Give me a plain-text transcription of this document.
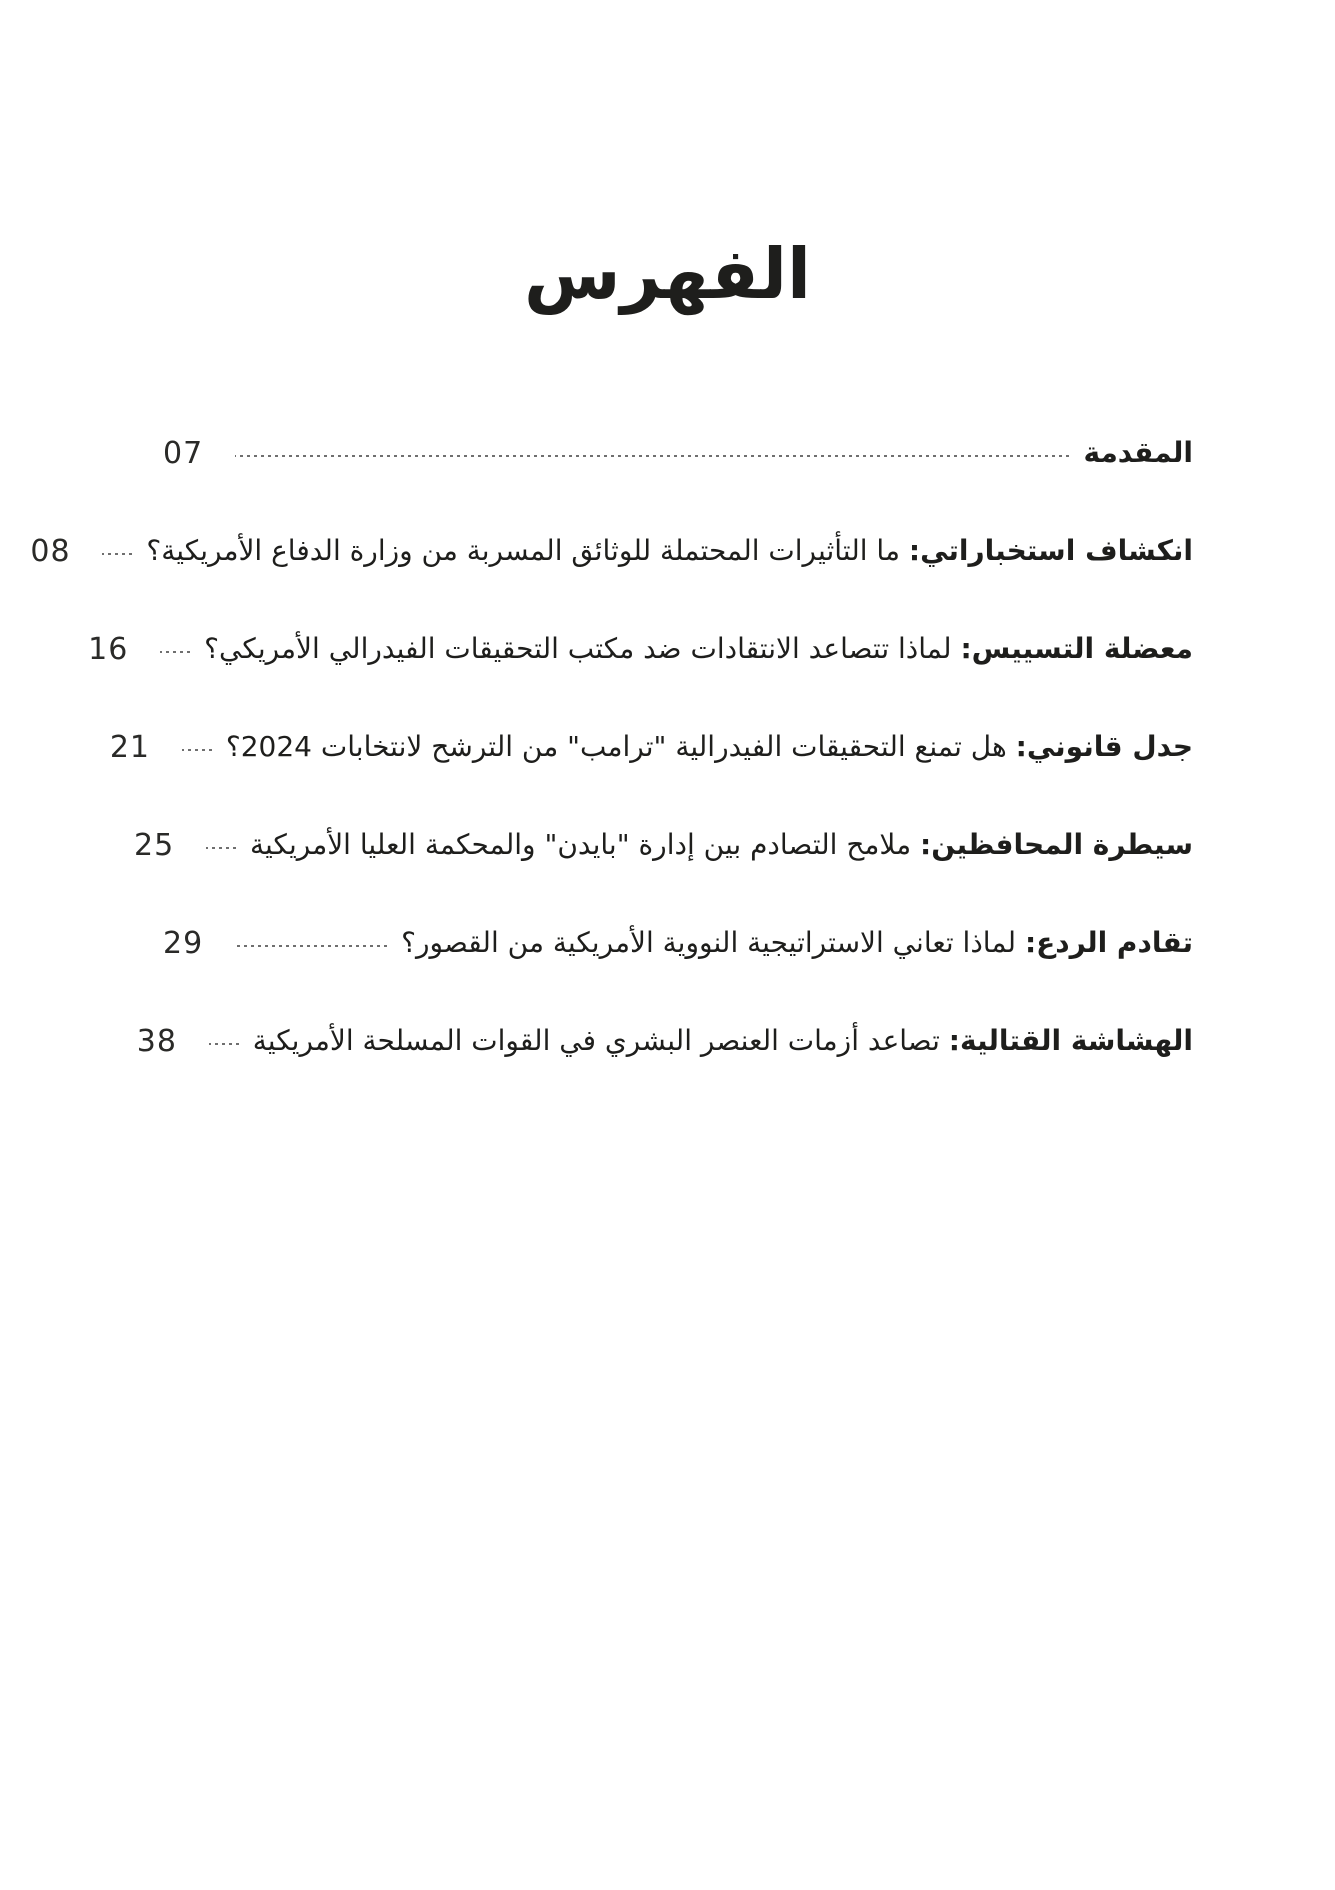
الفهرس
المقدمة
07
انكشاف استخباراتي: ما التأثيرات المحتملة للوثائق المسربة من وزارة الدفاع الأمريكية؟
08
معضلة التسييس: لماذا تتصاعد الانتقادات ضد مكتب التحقيقات الفيدرالي الأمريكي؟
16
جدل قانوني: هل تمنع التحقيقات الفيدرالية "ترامب" من الترشح لانتخابات 2024؟
21
سيطرة المحافظين: ملامح التصادم بين إدارة "بايدن" والمحكمة العليا الأمريكية
25
تقادم الردع: لماذا تعاني الاستراتيجية النووية الأمريكية من القصور؟
29
الهشاشة القتالية: تصاعد أزمات العنصر البشري في القوات المسلحة الأمريكية
38
